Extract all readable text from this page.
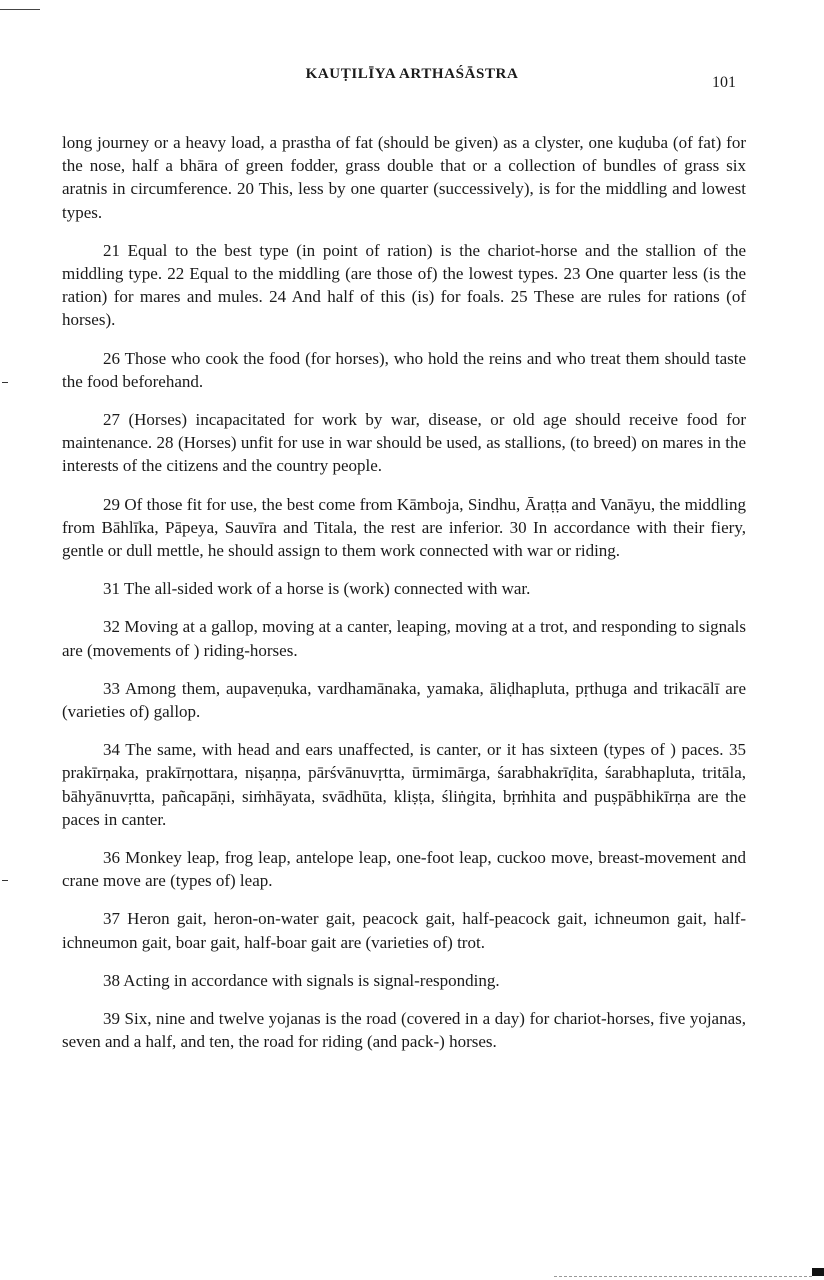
KAUṬILĪYA ARTHAŚĀSTRA	101

long journey or a heavy load, a prastha of fat (should be given) as a clyster, one kuḍuba (of fat) for the nose, half a bhāra of green fodder, grass double that or a collection of bundles of grass six aratnis in circumference. 20 This, less by one quarter (successively), is for the middling and lowest types.

21 Equal to the best type (in point of ration) is the chariot-horse and the stallion of the middling type. 22 Equal to the middling (are those of) the lowest types. 23 One quarter less (is the ration) for mares and mules. 24 And half of this (is) for foals. 25 These are rules for rations (of horses).

26 Those who cook the food (for horses), who hold the reins and who treat them should taste the food beforehand.

27 (Horses) incapacitated for work by war, disease, or old age should receive food for maintenance. 28 (Horses) unfit for use in war should be used, as stallions, (to breed) on mares in the interests of the citizens and the country people.

29 Of those fit for use, the best come from Kāmboja, Sindhu, Āraṭṭa and Vanāyu, the middling from Bāhlīka, Pāpeya, Sauvīra and Titala, the rest are inferior. 30 In accordance with their fiery, gentle or dull mettle, he should assign to them work connected with war or riding.

31 The all-sided work of a horse is (work) connected with war.

32 Moving at a gallop, moving at a canter, leaping, moving at a trot, and responding to signals are (movements of ) riding-horses.

33 Among them, aupaveṇuka, vardhamānaka, yamaka, āliḍhapluta, pṛthuga and trikacālī are (varieties of) gallop.

34 The same, with head and ears unaffected, is canter, or it has sixteen (types of ) paces. 35 prakīrṇaka, prakīrṇottara, niṣaṇṇa, pārśvānuvṛtta, ūrmimārga, śarabhakrīḍita, śarabhapluta, tritāla, bāhyānuvṛtta, pañcapāṇi, siṁhāyata, svādhūta, kliṣṭa, śliṅgita, bṛṁhita and puṣpābhikīrṇa are the paces in canter.

36 Monkey leap, frog leap, antelope leap, one-foot leap, cuckoo move, breast-movement and crane move are (types of) leap.

37 Heron gait, heron-on-water gait, peacock gait, half-peacock gait, ichneumon gait, half-ichneumon gait, boar gait, half-boar gait are (varieties of) trot.

38 Acting in accordance with signals is signal-responding.

39 Six, nine and twelve yojanas is the road (covered in a day) for chariot-horses, five yojanas, seven and a half, and ten, the road for riding (and pack-) horses.
